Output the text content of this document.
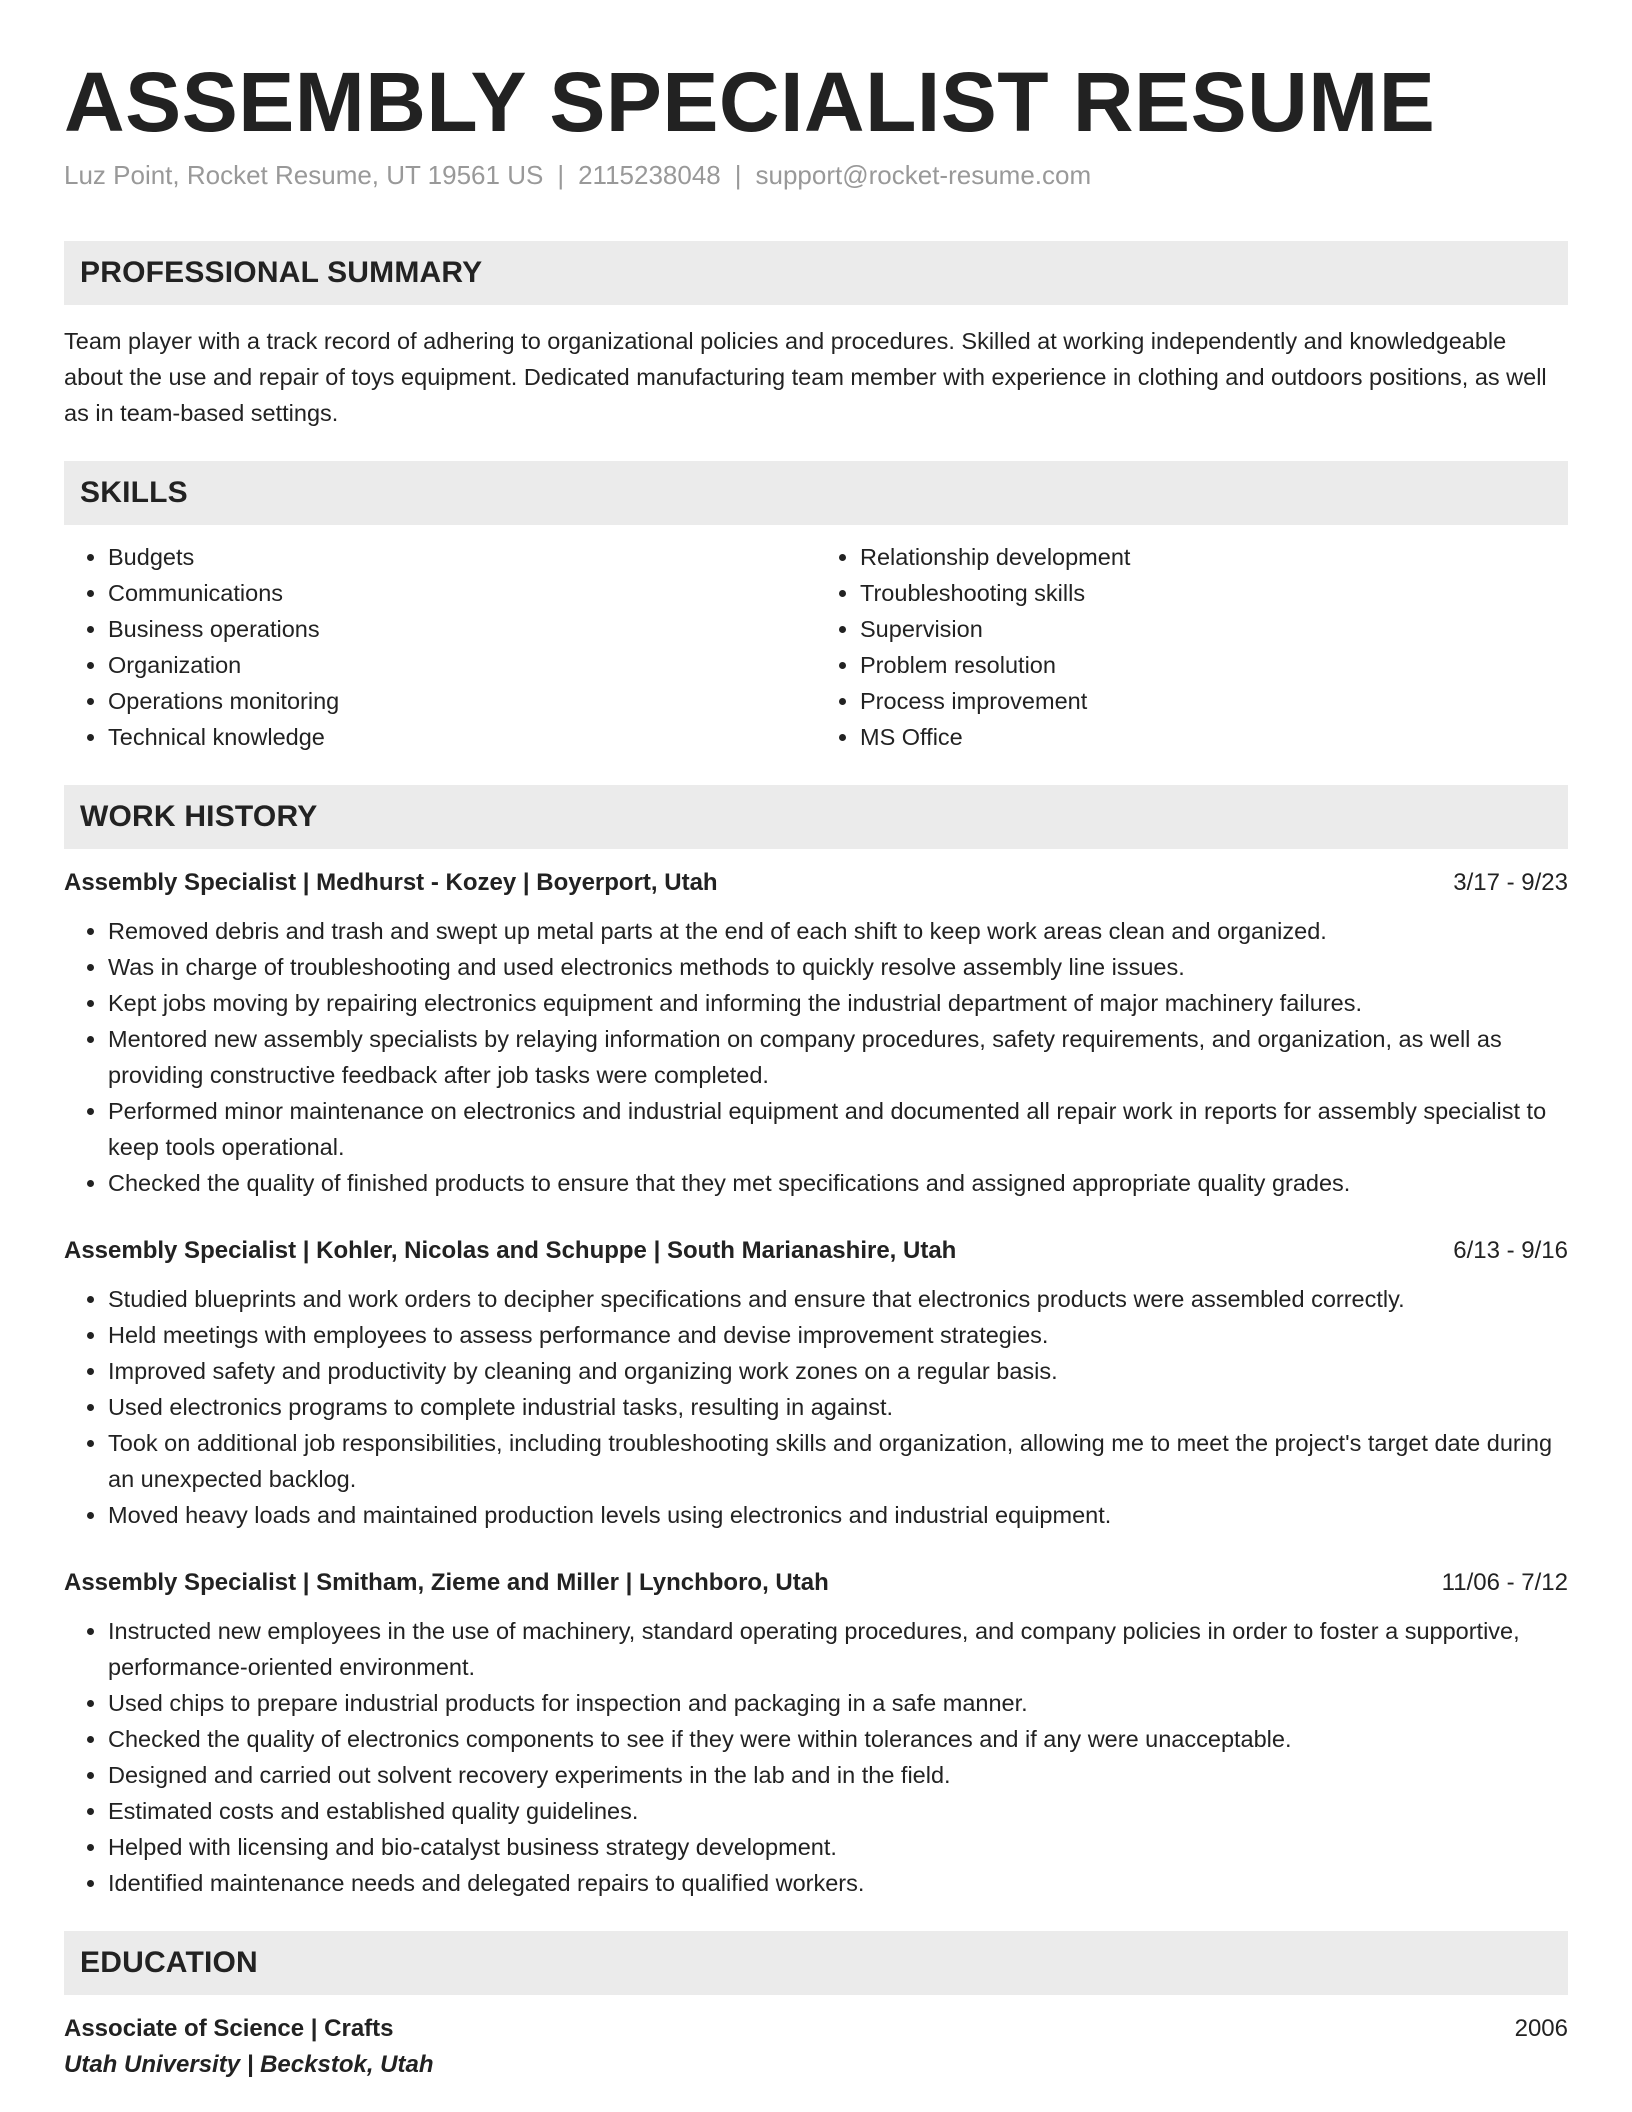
ASSEMBLY SPECIALIST RESUME
Luz Point, Rocket Resume, UT 19561 US | 2115238048 | support@rocket-resume.com
PROFESSIONAL SUMMARY

Team player with a track record of adhering to organizational policies and procedures. Skilled at working independently and knowledgeable about the use and repair of toys equipment. Dedicated manufacturing team member with experience in clothing and outdoors positions, as well as in team-based settings.

SKILLS
• Budgets
• Communications
• Business operations
• Organization
• Operations monitoring
• Technical knowledge
• Relationship development
• Troubleshooting skills
• Supervision
• Problem resolution
• Process improvement
• MS Office
WORK HISTORY
Assembly Specialist | Medhurst - Kozey | Boyerport, Utah	3/17 - 9/23
• Removed debris and trash and swept up metal parts at the end of each shift to keep work areas clean and organized.
• Was in charge of troubleshooting and used electronics methods to quickly resolve assembly line issues.
• Kept jobs moving by repairing electronics equipment and informing the industrial department of major machinery failures.
• Mentored new assembly specialists by relaying information on company procedures, safety requirements, and organization, as well as providing constructive feedback after job tasks were completed.
• Performed minor maintenance on electronics and industrial equipment and documented all repair work in reports for assembly specialist to keep tools operational.
• Checked the quality of finished products to ensure that they met specifications and assigned appropriate quality grades.
Assembly Specialist | Kohler, Nicolas and Schuppe | South Marianashire, Utah	6/13 - 9/16
• Studied blueprints and work orders to decipher specifications and ensure that electronics products were assembled correctly.
• Held meetings with employees to assess performance and devise improvement strategies.
• Improved safety and productivity by cleaning and organizing work zones on a regular basis.
• Used electronics programs to complete industrial tasks, resulting in against.
• Took on additional job responsibilities, including troubleshooting skills and organization, allowing me to meet the project's target date during an unexpected backlog.
• Moved heavy loads and maintained production levels using electronics and industrial equipment.
Assembly Specialist | Smitham, Zieme and Miller | Lynchboro, Utah	11/06 - 7/12
• Instructed new employees in the use of machinery, standard operating procedures, and company policies in order to foster a supportive, performance-oriented environment.
• Used chips to prepare industrial products for inspection and packaging in a safe manner.
• Checked the quality of electronics components to see if they were within tolerances and if any were unacceptable.
• Designed and carried out solvent recovery experiments in the lab and in the field.
• Estimated costs and established quality guidelines.
• Helped with licensing and bio-catalyst business strategy development.
• Identified maintenance needs and delegated repairs to qualified workers.
EDUCATION
Associate of Science | Crafts	2006
Utah University | Beckstok, Utah
